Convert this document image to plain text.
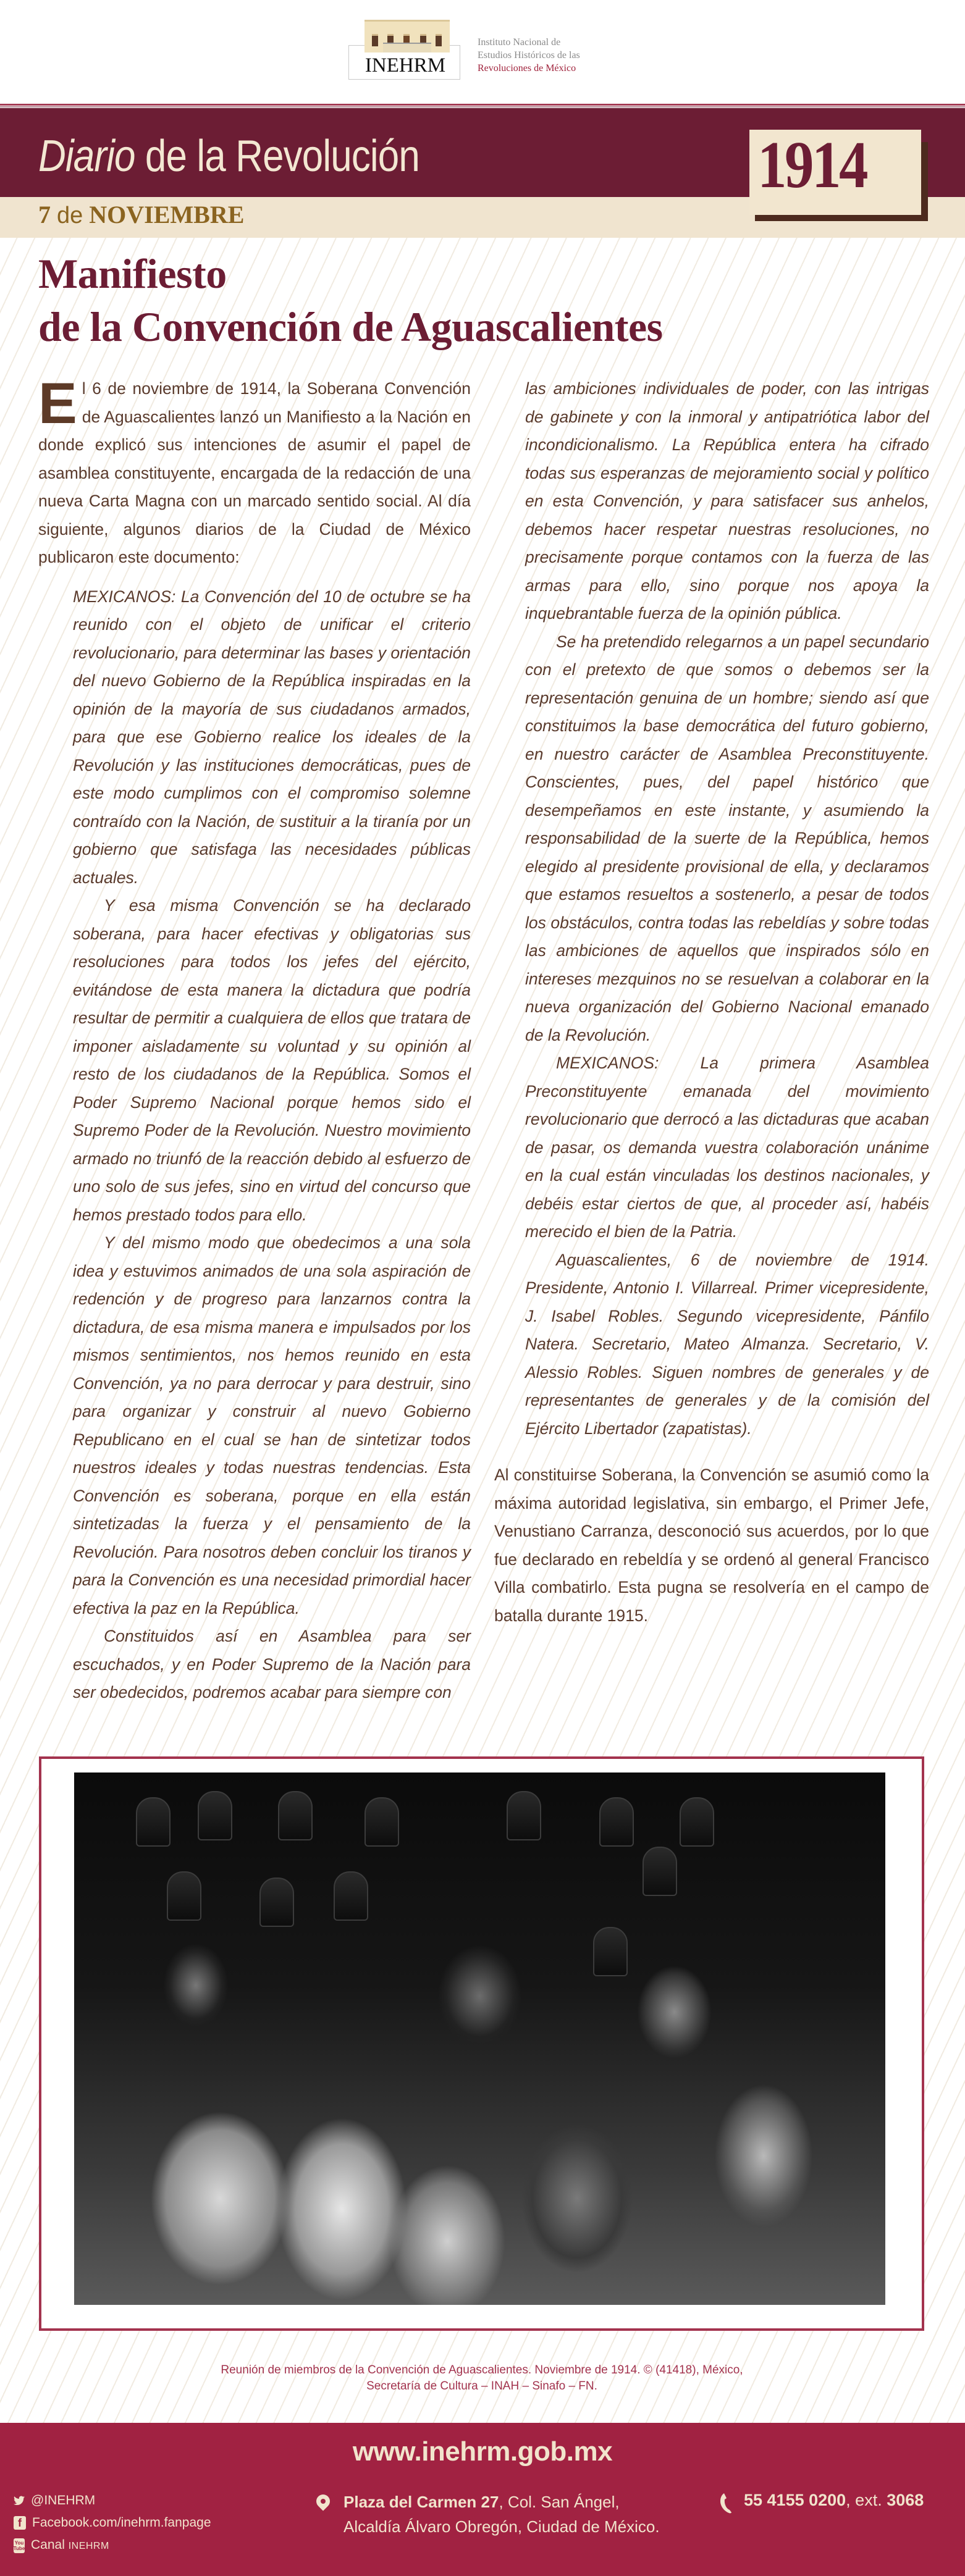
INEHRM
Instituto Nacional de
Estudios Históricos de las
Revoluciones de México
Diario de la Revolución
7 de NOVIEMBRE
1914
Manifiesto
de la Convención de Aguascalientes

El 6 de noviembre de 1914, la Soberana Convención de Aguascalientes lanzó un Manifiesto a la Nación en donde explicó sus intenciones de asumir el papel de asamblea constituyente, encargada de la redacción de una nueva Carta Magna con un marcado sentido social. Al día siguiente, algunos diarios de la Ciudad de México publicaron este documento:

MEXICANOS: La Convención del 10 de octubre se ha reunido con el objeto de unificar el criterio revolucionario, para determinar las bases y orientación del nuevo Gobierno de la República inspiradas en la opinión de la mayoría de sus ciudadanos armados, para que ese Gobierno realice los ideales de la Revolución y las instituciones democráticas, pues de este modo cumplimos con el compromiso solemne contraído con la Nación, de sustituir a la tiranía por un gobierno que satisfaga las necesidades públicas actuales.

Y esa misma Convención se ha declarado soberana, para hacer efectivas y obligatorias sus resoluciones para todos los jefes del ejército, evitándose de esta manera la dictadura que podría resultar de permitir a cualquiera de ellos que tratara de imponer aisladamente su voluntad y su opinión al resto de los ciudadanos de la República. Somos el Poder Supremo Nacional porque hemos sido el Supremo Poder de la Revolución. Nuestro movimiento armado no triunfó de la reacción debido al esfuerzo de uno solo de sus jefes, sino en virtud del concurso que hemos prestado todos para ello.

Y del mismo modo que obedecimos a una sola idea y estuvimos animados de una sola aspiración de redención y de progreso para lanzarnos contra la dictadura, de esa misma manera e impulsados por los mismos sentimientos, nos hemos reunido en esta Convención, ya no para derrocar y para destruir, sino para organizar y construir al nuevo Gobierno Republicano en el cual se han de sintetizar todos nuestros ideales y todas nuestras tendencias. Esta Convención es soberana, porque en ella están sintetizadas la fuerza y el pensamiento de la Revolución. Para nosotros deben concluir los tiranos y para la Convención es una necesidad primordial hacer efectiva la paz en la República.

Constituidos así en Asamblea para ser escuchados, y en Poder Supremo de la Nación para ser obedecidos, podremos acabar para siempre con

las ambiciones individuales de poder, con las intrigas de gabinete y con la inmoral y antipatriótica labor del incondicionalismo. La República entera ha cifrado todas sus esperanzas de mejoramiento social y político en esta Convención, y para satisfacer sus anhelos, debemos hacer respetar nuestras resoluciones, no precisamente porque contamos con la fuerza de las armas para ello, sino porque nos apoya la inquebrantable fuerza de la opinión pública.

Se ha pretendido relegarnos a un papel secundario con el pretexto de que somos o debemos ser la representación genuina de un hombre; siendo así que constituimos la base democrática del futuro gobierno, en nuestro carácter de Asamblea Preconstituyente. Conscientes, pues, del papel histórico que desempeñamos en este instante, y asumiendo la responsabilidad de la suerte de la República, hemos elegido al presidente provisional de ella, y declaramos que estamos resueltos a sostenerlo, a pesar de todos los obstáculos, contra todas las rebeldías y sobre todas las ambiciones de aquellos que inspirados sólo en intereses mezquinos no se resuelvan a colaborar en la nueva organización del Gobierno Nacional emanado de la Revolución.

MEXICANOS: La primera Asamblea Preconstituyente emanada del movimiento revolucionario que derrocó a las dictaduras que acaban de pasar, os demanda vuestra colaboración unánime en la cual están vinculadas los destinos nacionales, y debéis estar ciertos de que, al proceder así, habéis merecido el bien de la Patria.

Aguascalientes, 6 de noviembre de 1914. Presidente, Antonio I. Villarreal. Primer vicepresidente, J. Isabel Robles. Segundo vicepresidente, Pánfilo Natera. Secretario, Mateo Almanza. Secretario, V. Alessio Robles. Siguen nombres de generales y de representantes de generales y de la comisión del Ejército Libertador (zapatistas).

Al constituirse Soberana, la Convención se asumió como la máxima autoridad legislativa, sin embargo, el Primer Jefe, Venustiano Carranza, desconoció sus acuerdos, por lo que fue declarado en rebeldía y se ordenó al general Francisco Villa combatirlo. Esta pugna se resolvería en el campo de batalla durante 1915.

Reunión de miembros de la Convención de Aguascalientes. Noviembre de 1914. © (41418), México,
Secretaría de Cultura – INAH – Sinafo – FN.
www.inehrm.gob.mx
@INEHRM
f Facebook.com/inehrm.fanpage
You
Tube Canal INEHRM
Plaza del Carmen 27, Col. San Ángel,
Alcaldía Álvaro Obregón, Ciudad de México.
55 4155 0200, ext. 3068
